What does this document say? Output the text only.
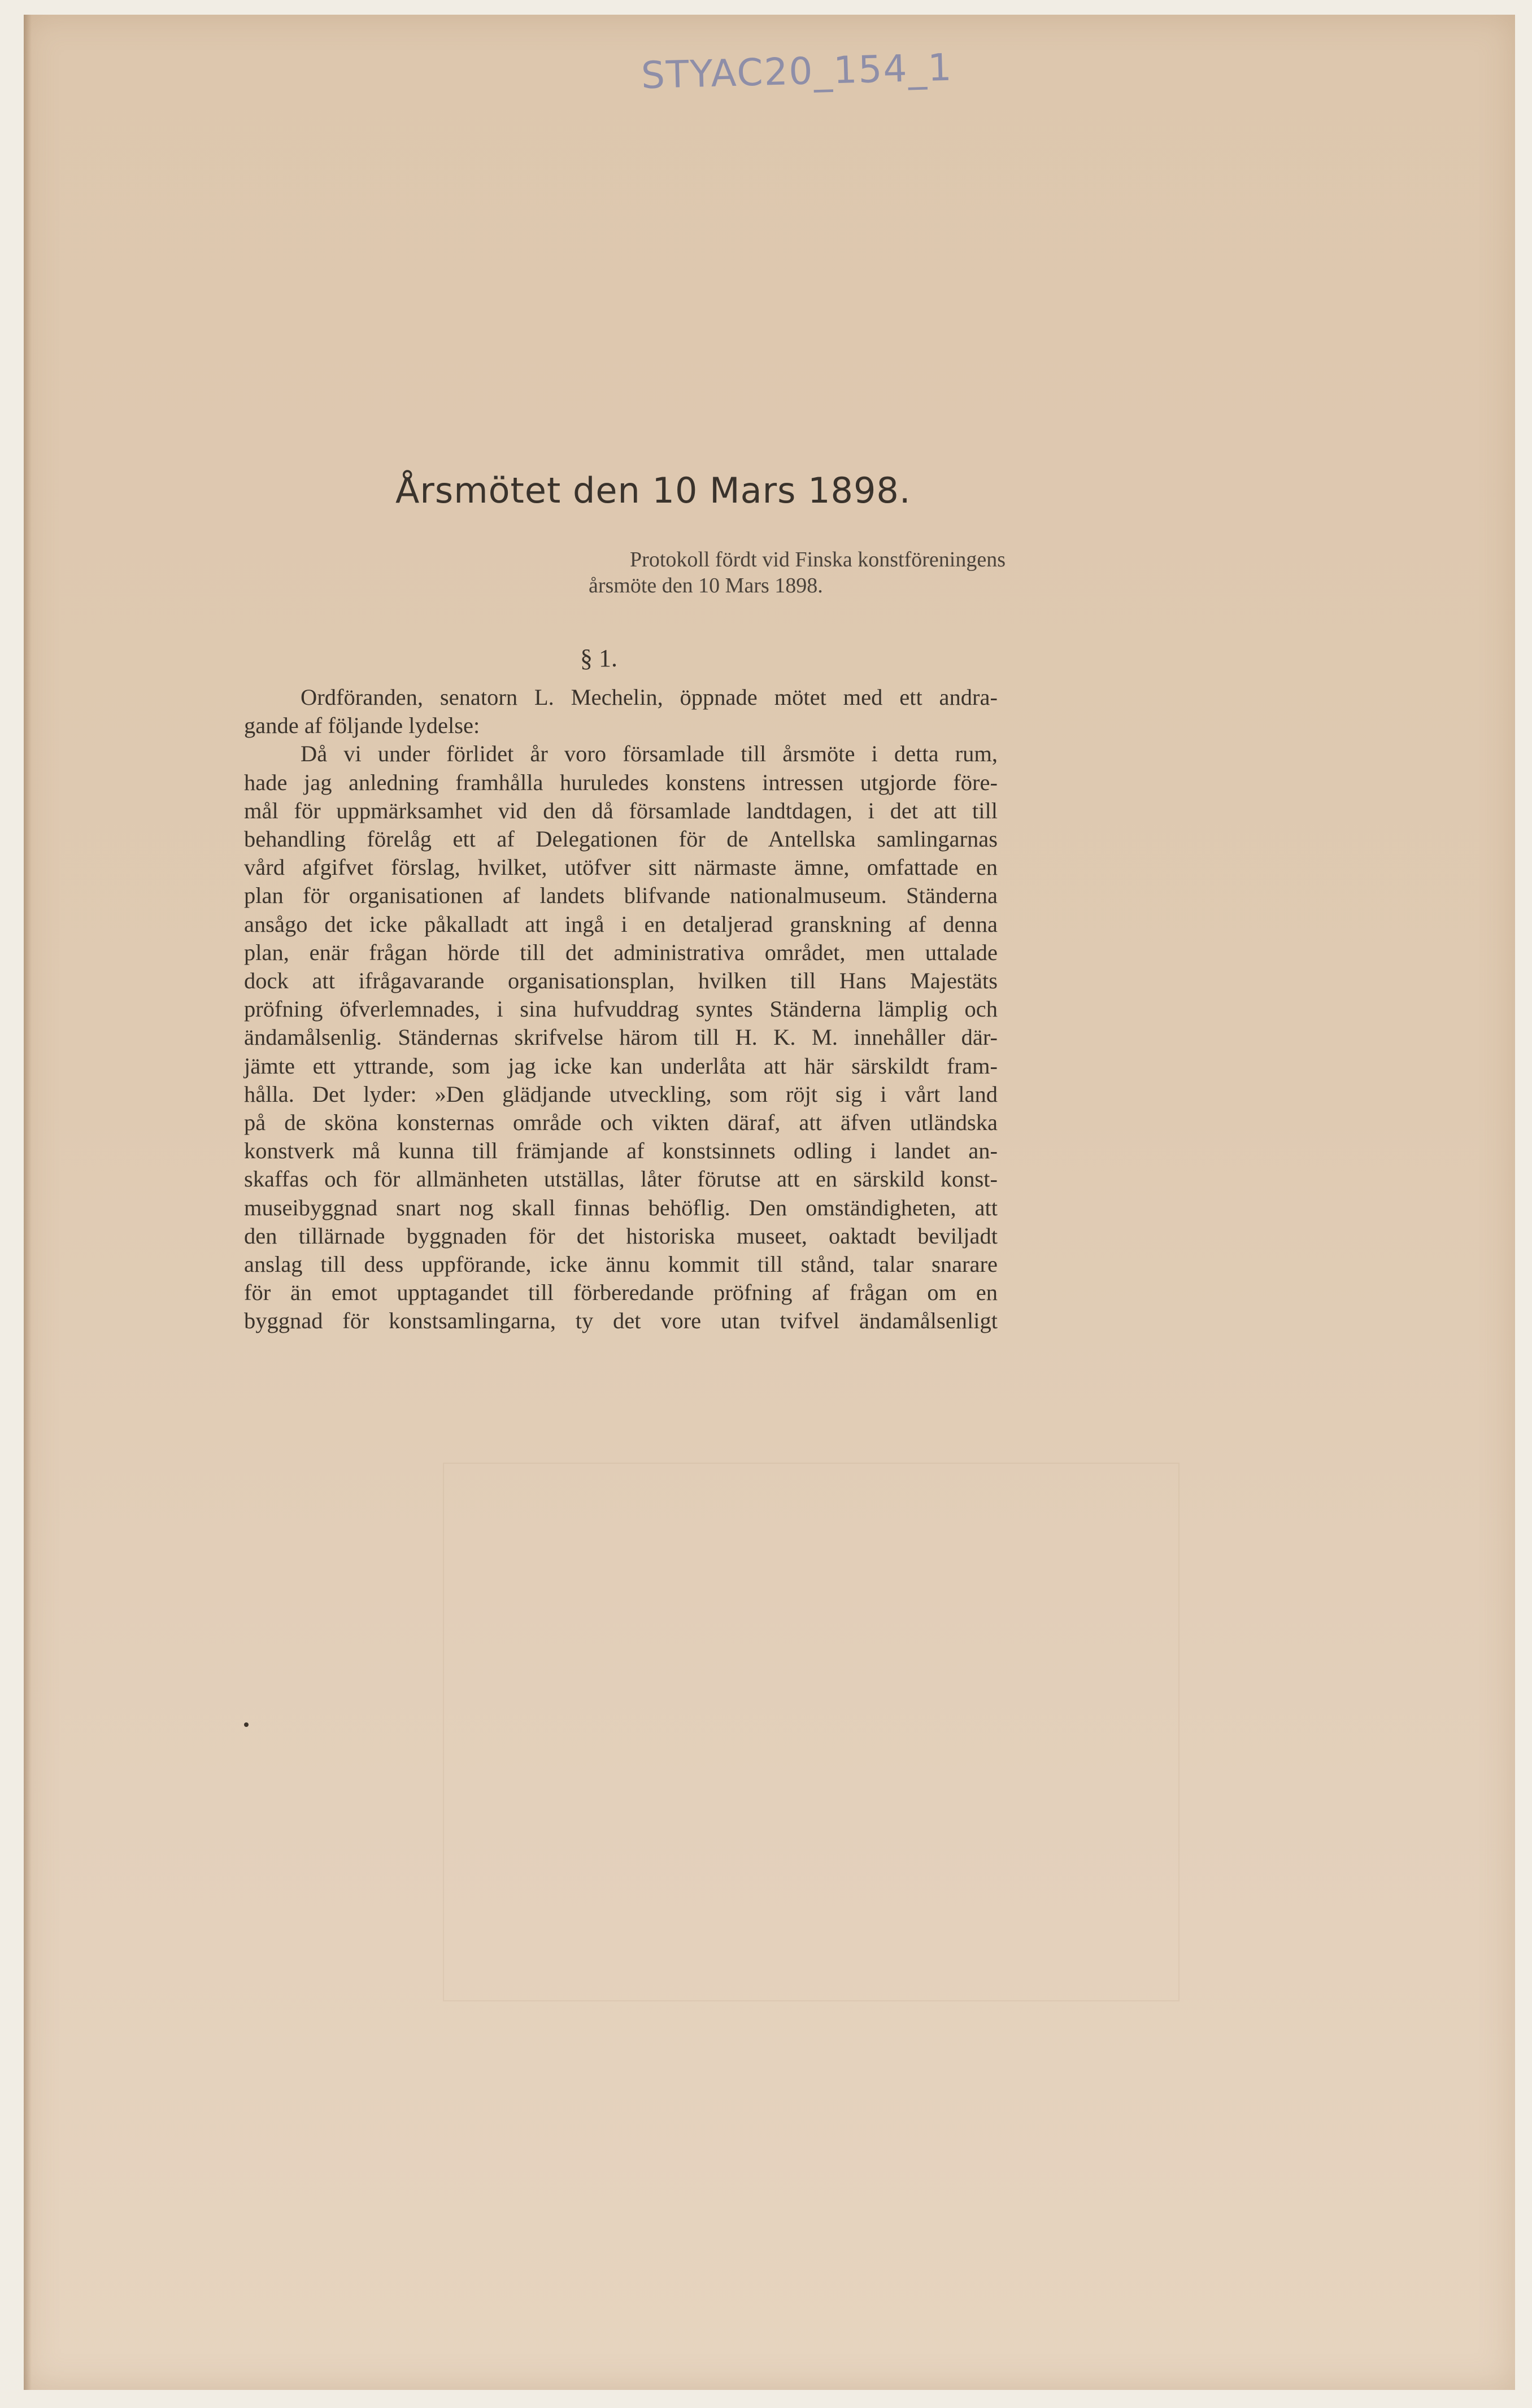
STYAC20_154_1
Årsmötet den 10 Mars 1898.
Protokoll fördt vid Finska konstföreningens
årsmöte den 10 Mars 1898.
§ 1.
Ordföranden, senatorn L. Mechelin, öppnade mötet med ett andra-
gande af följande lydelse:
Då vi under förlidet år voro församlade till årsmöte i detta rum,
hade jag anledning framhålla huruledes konstens intressen utgjorde före-
mål för uppmärksamhet vid den då församlade landtdagen, i det att till
behandling förelåg ett af Delegationen för de Antellska samlingarnas
vård afgifvet förslag, hvilket, utöfver sitt närmaste ämne, omfattade en
plan för organisationen af landets blifvande nationalmuseum. Ständerna
ansågo det icke påkalladt att ingå i en detaljerad granskning af denna
plan, enär frågan hörde till det administrativa området, men uttalade
dock att ifrågavarande organisationsplan, hvilken till Hans Majestäts
pröfning öfverlemnades, i sina hufvuddrag syntes Ständerna lämplig och
ändamålsenlig. Ständernas skrifvelse härom till H. K. M. innehåller där-
jämte ett yttrande, som jag icke kan underlåta att här särskildt fram-
hålla. Det lyder: »Den glädjande utveckling, som röjt sig i vårt land
på de sköna konsternas område och vikten däraf, att äfven utländska
konstverk må kunna till främjande af konstsinnets odling i landet an-
skaffas och för allmänheten utställas, låter förutse att en särskild konst-
museibyggnad snart nog skall finnas behöflig. Den omständigheten, att
den tillärnade byggnaden för det historiska museet, oaktadt beviljadt
anslag till dess uppförande, icke ännu kommit till stånd, talar snarare
för än emot upptagandet till förberedande pröfning af frågan om en
byggnad för konstsamlingarna, ty det vore utan tvifvel ändamålsenligt
